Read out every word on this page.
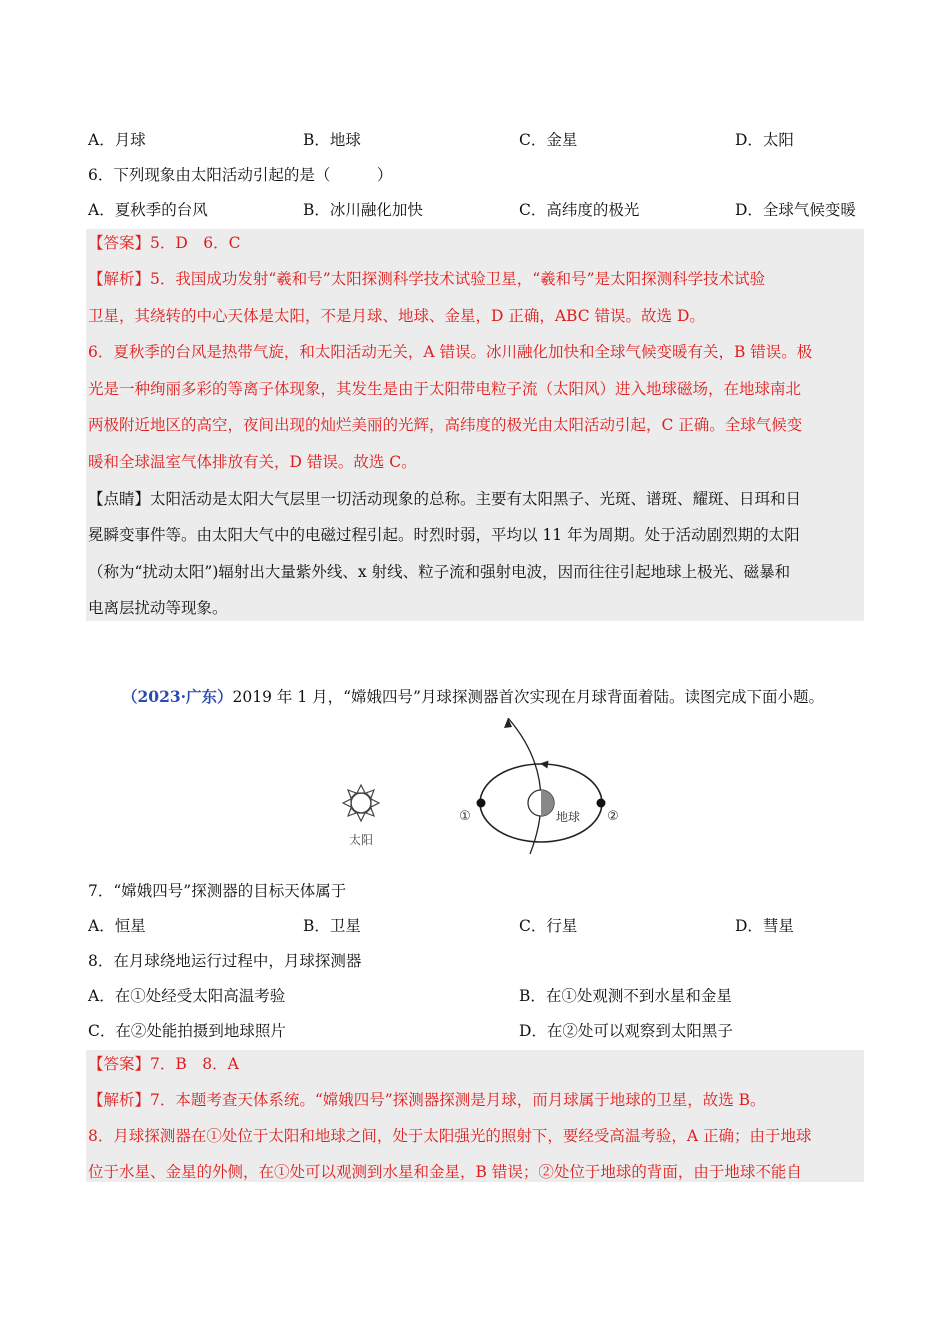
A．月球	B．地球	C．金星	D．太阳
6．下列现象由太阳活动引起的是（　　　）
A．夏秋季的台风	B．冰川融化加快	C．高纬度的极光	D．全球气候变暖
【答案】5．D　6．C
【解析】5．我国成功发射“羲和号”太阳探测科学技术试验卫星，“羲和号”是太阳探测科学技术试验
卫星，其绕转的中心天体是太阳，不是月球、地球、金星，D 正确，ABC 错误。故选 D。
6．夏秋季的台风是热带气旋，和太阳活动无关，A 错误。冰川融化加快和全球气候变暖有关，B 错误。极
光是一种绚丽多彩的等离子体现象，其发生是由于太阳带电粒子流（太阳风）进入地球磁场，在地球南北
两极附近地区的高空，夜间出现的灿烂美丽的光辉，高纬度的极光由太阳活动引起，C 正确。全球气候变
暖和全球温室气体排放有关，D 错误。故选 C。
【点睛】太阳活动是太阳大气层里一切活动现象的总称。主要有太阳黑子、光斑、谱斑、耀斑、日珥和日
冕瞬变事件等。由太阳大气中的电磁过程引起。时烈时弱，平均以 11 年为周期。处于活动剧烈期的太阳
（称为“扰动太阳”)辐射出大量紫外线、x 射线、粒子流和强射电波，因而往往引起地球上极光、磁暴和
电离层扰动等现象。
（2023·广东）2019 年 1 月，“嫦娥四号”月球探测器首次实现在月球背面着陆。读图完成下面小题。
太阳
地球
①	②
7．“嫦娥四号”探测器的目标天体属于
A．恒星	B．卫星	C．行星	D．彗星
8．在月球绕地运行过程中，月球探测器
A．在①处经受太阳高温考验	B．在①处观测不到水星和金星
C．在②处能拍摄到地球照片	D．在②处可以观察到太阳黑子
【答案】7．B　8．A
【解析】7．本题考查天体系统。“嫦娥四号”探测器探测是月球，而月球属于地球的卫星，故选 B。
8．月球探测器在①处位于太阳和地球之间，处于太阳强光的照射下，要经受高温考验，A 正确；由于地球
位于水星、金星的外侧，在①处可以观测到水星和金星，B 错误；②处位于地球的背面，由于地球不能自
